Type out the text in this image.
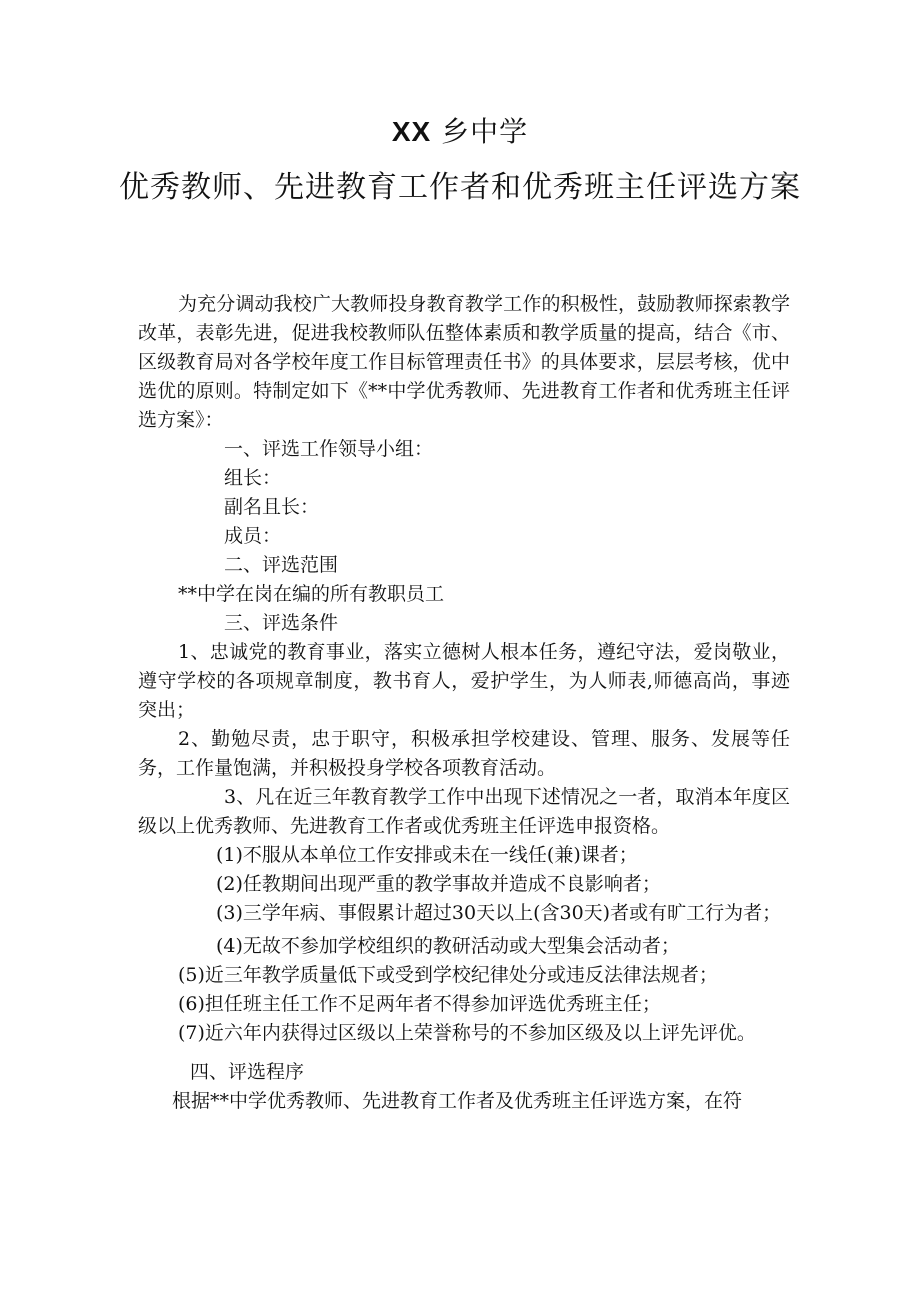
XX 乡中学
优秀教师、先进教育工作者和优秀班主任评选方案

为充分调动我校广大教师投身教育教学工作的积极性，鼓励教师探索教学改革，表彰先进，促进我校教师队伍整体素质和教学质量的提高，结合《市、区级教育局对各学校年度工作目标管理责任书》的具体要求，层层考核，优中选优的原则。特制定如下《**中学优秀教师、先进教育工作者和优秀班主任评选方案》：

一、评选工作领导小组：

组长：

副名且长：

成员：

二、评选范围

**中学在岗在编的所有教职员工

三、评选条件

1、忠诚党的教育事业，落实立德树人根本任务，遵纪守法，爱岗敬业，遵守学校的各项规章制度，教书育人，爱护学生，为人师表,师德高尚，事迹突出；

2、勤勉尽责，忠于职守，积极承担学校建设、管理、服务、发展等任务，工作量饱满，并积极投身学校各项教育活动。

3、凡在近三年教育教学工作中出现下述情况之一者，取消本年度区级以上优秀教师、先进教育工作者或优秀班主任评选申报资格。

(1)不服从本单位工作安排或未在一线任(兼)课者；

(2)任教期间出现严重的教学事故并造成不良影响者；

(3)三学年病、事假累计超过30天以上(含30天)者或有旷工行为者；

(4)无故不参加学校组织的教研活动或大型集会活动者；

(5)近三年教学质量低下或受到学校纪律处分或违反法律法规者；

(6)担任班主任工作不足两年者不得参加评选优秀班主任；

(7)近六年内获得过区级以上荣誉称号的不参加区级及以上评先评优。

四、评选程序

根据**中学优秀教师、先进教育工作者及优秀班主任评选方案，在符
